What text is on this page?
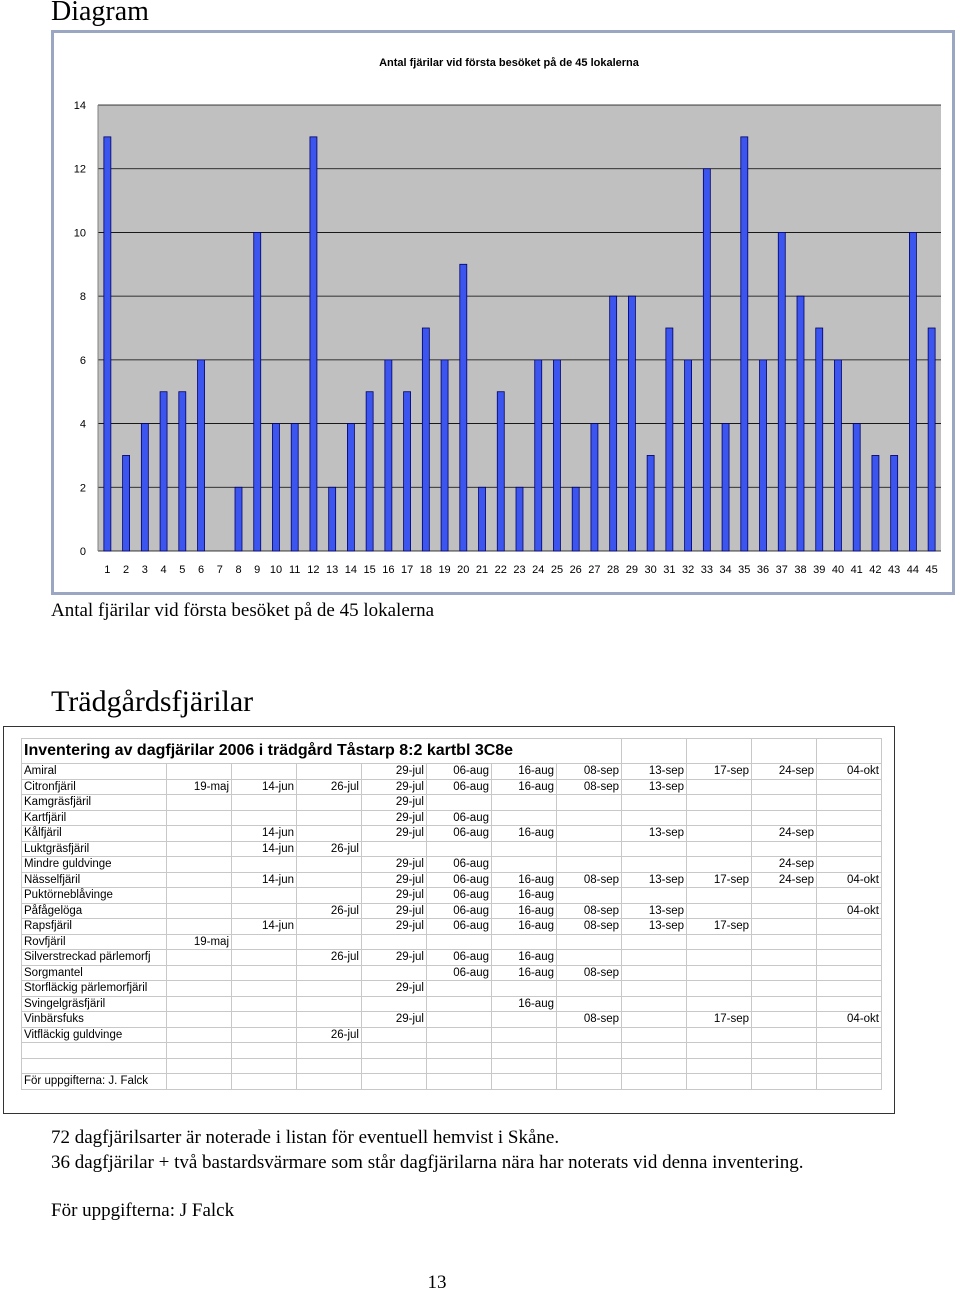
Diagram
0
2
4
6
8
10
12
14
1 2 3 4 5 6 7 8 9 10 11 12 13 14 15 16 17 18 19 20 21 22 23 24 25 26 27 28 29 30 31 32 33 34 35 36 37 38 39 40 41 42 43 44 45
Antal fjärilar vid första besöket på de 45 lokalerna

Antal fjärilar vid första besöket på de 45 lokalerna

Trädgårdsfjärilar
Inventering av dagfjärilar 2006 i trädgård Tåstarp 8:2 kartbl 3C8e											
Amiral				29-jul	06-aug	16-aug	08-sep	13-sep	17-sep	24-sep	04-okt
Citronfjäril	19-maj	14-jun	26-jul	29-jul	06-aug	16-aug	08-sep	13-sep			
Kamgräsfjäril				29-jul							
Kartfjäril				29-jul	06-aug						
Kålfjäril		14-jun		29-jul	06-aug	16-aug		13-sep		24-sep	
Luktgräsfjäril		14-jun	26-jul								
Mindre guldvinge				29-jul	06-aug					24-sep	
Nässelfjäril		14-jun		29-jul	06-aug	16-aug	08-sep	13-sep	17-sep	24-sep	04-okt
Puktörneblåvinge				29-jul	06-aug	16-aug					
Påfågelöga			26-jul	29-jul	06-aug	16-aug	08-sep	13-sep			04-okt
Rapsfjäril		14-jun		29-jul	06-aug	16-aug	08-sep	13-sep	17-sep		
Rovfjäril	19-maj										
Silverstreckad pärlemorfj			26-jul	29-jul	06-aug	16-aug					
Sorgmantel					06-aug	16-aug	08-sep				
Storfläckig pärlemorfjäril				29-jul							
Svingelgräsfjäril						16-aug					
Vinbärsfuks				29-jul			08-sep		17-sep		04-okt
Vitfläckig guldvinge			26-jul								

För uppgifterna: J. Falck											

72 dagfjärilsarter är noterade i listan för eventuell hemvist i Skåne.

36 dagfjärilar + två bastardsvärmare som står dagfjärilarna nära har noterats vid denna inventering.

För uppgifterna: J Falck

13
